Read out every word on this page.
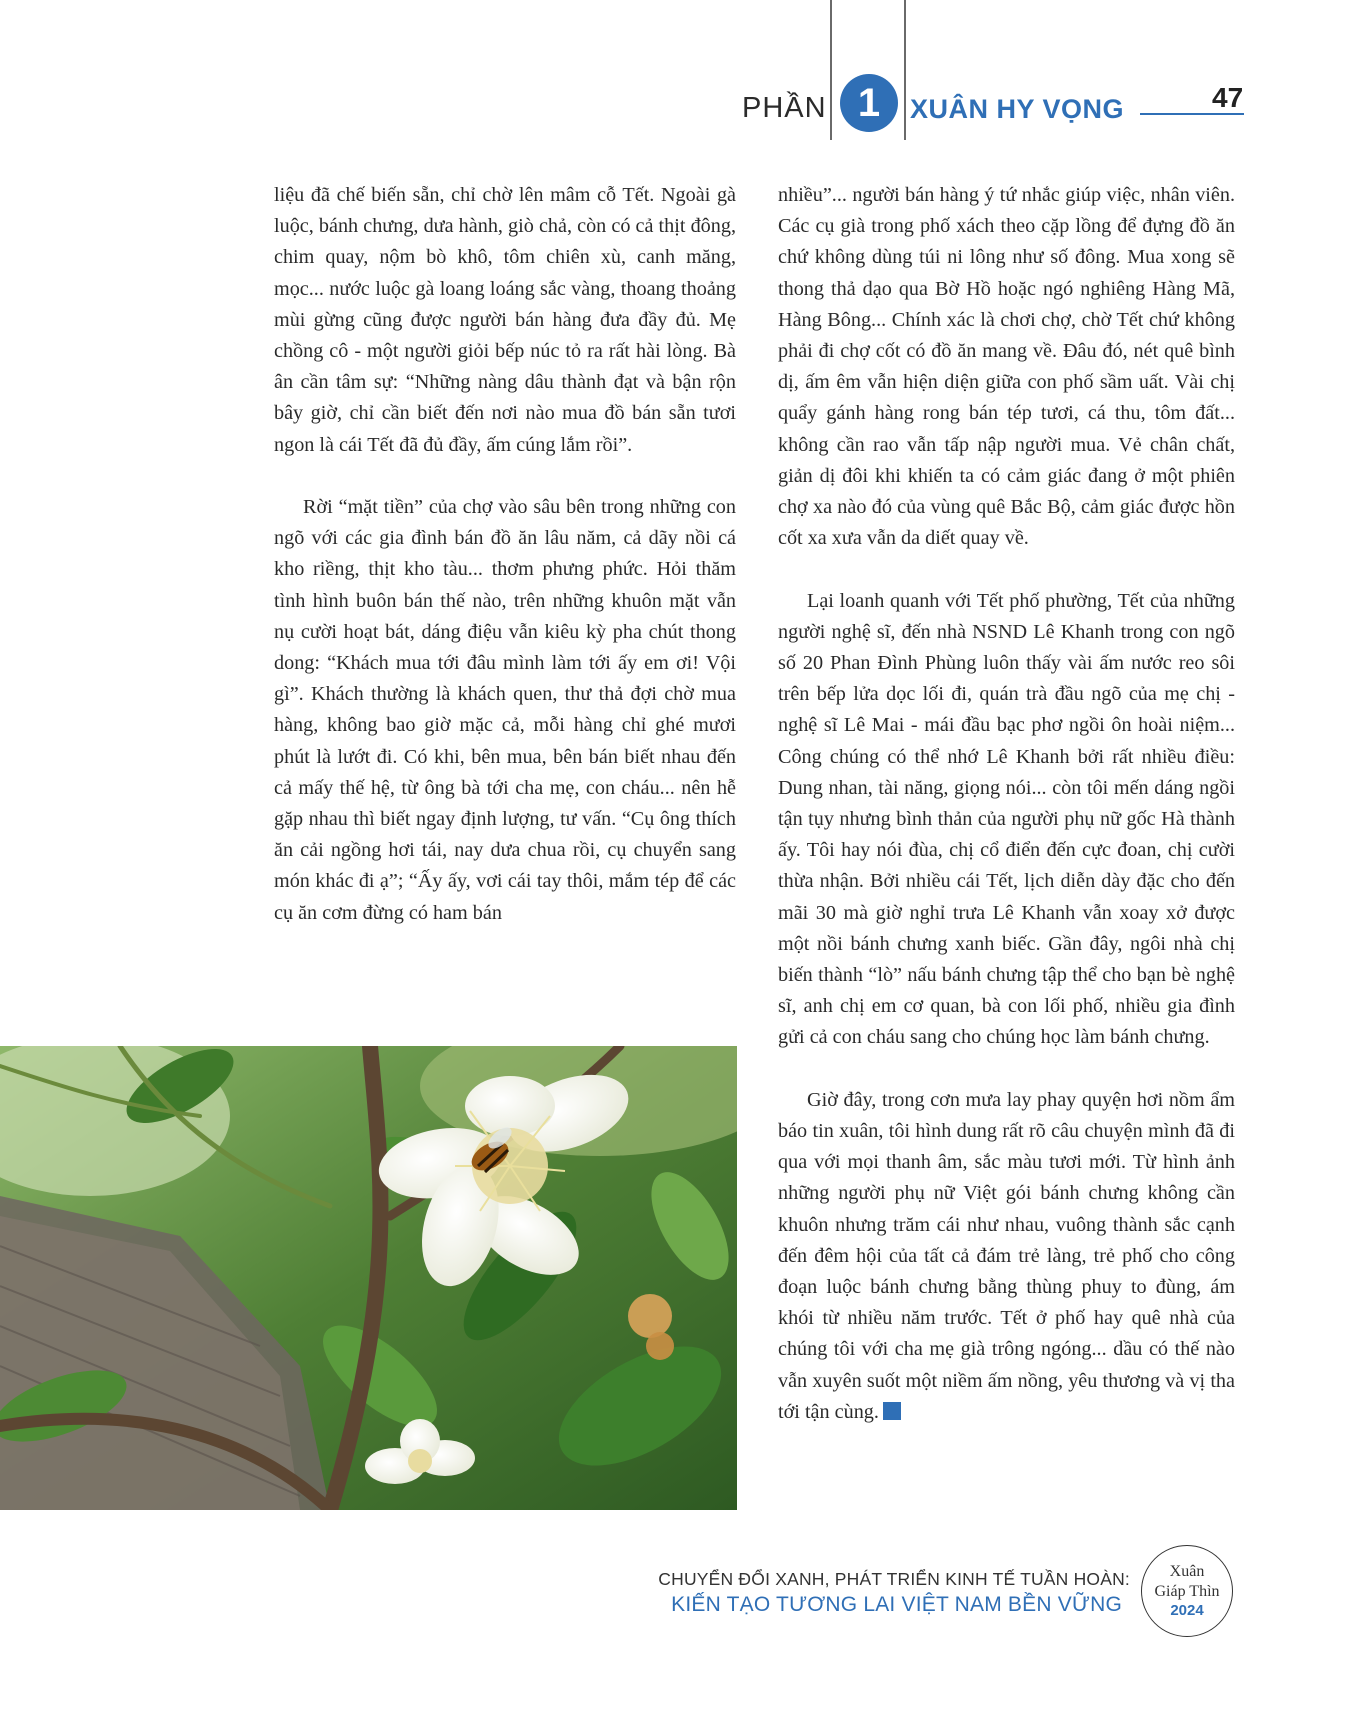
PHẦN 1	XUÂN HY VỌNG	47

liệu đã chế biến sẵn, chỉ chờ lên mâm cỗ Tết. Ngoài gà luộc, bánh chưng, dưa hành, giò chả, còn có cả thịt đông, chim quay, nộm bò khô, tôm chiên xù, canh măng, mọc... nước luộc gà loang loáng sắc vàng, thoang thoảng mùi gừng cũng được người bán hàng đưa đầy đủ. Mẹ chồng cô - một người giỏi bếp núc tỏ ra rất hài lòng. Bà ân cần tâm sự: “Những nàng dâu thành đạt và bận rộn bây giờ, chỉ cần biết đến nơi nào mua đồ bán sẵn tươi ngon là cái Tết đã đủ đầy, ấm cúng lắm rồi”.

Rời “mặt tiền” của chợ vào sâu bên trong những con ngõ với các gia đình bán đồ ăn lâu năm, cả dãy nồi cá kho riềng, thịt kho tàu... thơm phưng phức. Hỏi thăm tình hình buôn bán thế nào, trên những khuôn mặt vẫn nụ cười hoạt bát, dáng điệu vẫn kiêu kỳ pha chút thong dong: “Khách mua tới đâu mình làm tới ấy em ơi! Vội gì”. Khách thường là khách quen, thư thả đợi chờ mua hàng, không bao giờ mặc cả, mỗi hàng chỉ ghé mươi phút là lướt đi. Có khi, bên mua, bên bán biết nhau đến cả mấy thế hệ, từ ông bà tới cha mẹ, con cháu... nên hễ gặp nhau thì biết ngay định lượng, tư vấn. “Cụ ông thích ăn cải ngồng hơi tái, nay dưa chua rồi, cụ chuyển sang món khác đi ạ”; “Ấy ấy, vơi cái tay thôi, mắm tép để các cụ ăn cơm đừng có ham bán

nhiều”... người bán hàng ý tứ nhắc giúp việc, nhân viên. Các cụ già trong phố xách theo cặp lồng để đựng đồ ăn chứ không dùng túi ni lông như số đông. Mua xong sẽ thong thả dạo qua Bờ Hồ hoặc ngó nghiêng Hàng Mã, Hàng Bông... Chính xác là chơi chợ, chờ Tết chứ không phải đi chợ cốt có đồ ăn mang về. Đâu đó, nét quê bình dị, ấm êm vẫn hiện diện giữa con phố sầm uất. Vài chị quẩy gánh hàng rong bán tép tươi, cá thu, tôm đất... không cần rao vẫn tấp nập người mua. Vẻ chân chất, giản dị đôi khi khiến ta có cảm giác đang ở một phiên chợ xa nào đó của vùng quê Bắc Bộ, cảm giác được hồn cốt xa xưa vẫn da diết quay về.

Lại loanh quanh với Tết phố phường, Tết của những người nghệ sĩ, đến nhà NSND Lê Khanh trong con ngõ số 20 Phan Đình Phùng luôn thấy vài ấm nước reo sôi trên bếp lửa dọc lối đi, quán trà đầu ngõ của mẹ chị - nghệ sĩ Lê Mai - mái đầu bạc phơ ngồi ôn hoài niệm... Công chúng có thể nhớ Lê Khanh bởi rất nhiều điều: Dung nhan, tài năng, giọng nói... còn tôi mến dáng ngồi tận tụy nhưng bình thản của người phụ nữ gốc Hà thành ấy. Tôi hay nói đùa, chị cổ điển đến cực đoan, chị cười thừa nhận. Bởi nhiều cái Tết, lịch diễn dày đặc cho đến mãi 30 mà giờ nghỉ trưa Lê Khanh vẫn xoay xở được một nồi bánh chưng xanh biếc. Gần đây, ngôi nhà chị biến thành “lò” nấu bánh chưng tập thể cho bạn bè nghệ sĩ, anh chị em cơ quan, bà con lối phố, nhiều gia đình gửi cả con cháu sang cho chúng học làm bánh chưng.

Giờ đây, trong cơn mưa lay phay quyện hơi nồm ẩm báo tin xuân, tôi hình dung rất rõ câu chuyện mình đã đi qua với mọi thanh âm, sắc màu tươi mới. Từ hình ảnh những người phụ nữ Việt gói bánh chưng không cần khuôn nhưng trăm cái như nhau, vuông thành sắc cạnh đến đêm hội của tất cả đám trẻ làng, trẻ phố cho công đoạn luộc bánh chưng bằng thùng phuy to đùng, ám khói từ nhiều năm trước. Tết ở phố hay quê nhà của chúng tôi với cha mẹ già trông ngóng... dầu có thế nào vẫn xuyên suốt một niềm ấm nồng, yêu thương và vị tha tới tận cùng.

CHUYỂN ĐỔI XANH, PHÁT TRIỂN KINH TẾ TUẦN HOÀN:
KIẾN TẠO TƯƠNG LAI VIỆT NAM BỀN VỮNG
Xuân
Giáp Thìn
2024
